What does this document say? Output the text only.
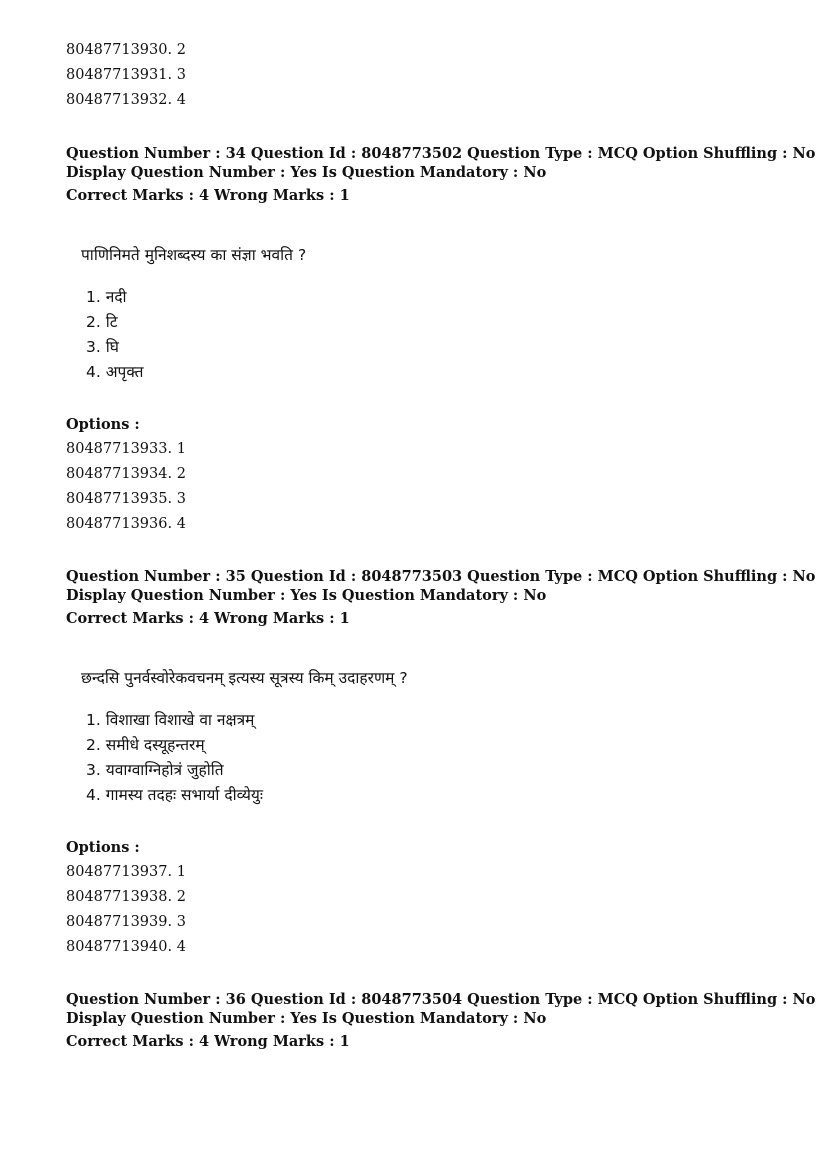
80487713930. 2
80487713931. 3
80487713932. 4
Question Number : 34 Question Id : 8048773502 Question Type : MCQ Option Shuffling : No
Display Question Number : Yes Is Question Mandatory : No
Correct Marks : 4 Wrong Marks : 1
पाणिनिमते मुनिशब्दस्य का संज्ञा भवति ?
1. नदी
2. टि
3. घि
4. अपृक्त
Options :
80487713933. 1
80487713934. 2
80487713935. 3
80487713936. 4
Question Number : 35 Question Id : 8048773503 Question Type : MCQ Option Shuffling : No
Display Question Number : Yes Is Question Mandatory : No
Correct Marks : 4 Wrong Marks : 1
छन्दसि पुनर्वस्वोरेकवचनम् इत्यस्य सूत्रस्य किम् उदाहरणम् ?
1. विशाखा विशाखे वा नक्षत्रम्
2. समीधे दस्यूहन्तरम्
3. यवाग्वाग्निहोत्रं जुहोति
4. गामस्य तदहः सभार्या दीव्येयुः
Options :
80487713937. 1
80487713938. 2
80487713939. 3
80487713940. 4
Question Number : 36 Question Id : 8048773504 Question Type : MCQ Option Shuffling : No
Display Question Number : Yes Is Question Mandatory : No
Correct Marks : 4 Wrong Marks : 1
